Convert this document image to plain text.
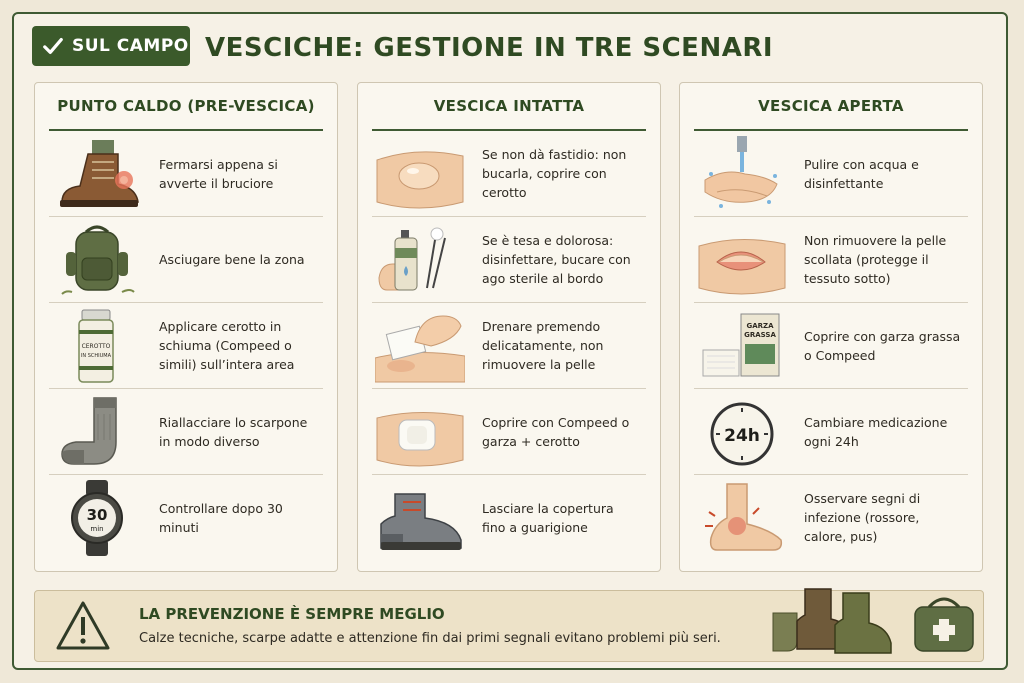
SUL CAMPO VESCICHE: GESTIONE IN TRE SCENARI
PUNTO CALDO (PRE-VESCICA)
Fermarsi appena si avverte il bruciore
Asciugare bene la zona
CEROTTO
IN SCHIUMA
Applicare cerotto in schiuma (Compeed o simili) sull’intera area
Riallacciare lo scarpone in modo diverso
30
min
Controllare dopo 30 minuti
VESCICA INTATTA
Se non dà fastidio: non bucarla, coprire con cerotto
Se è tesa e dolorosa: disinfettare, bucare con ago sterile al bordo
Drenare premendo delicatamente, non rimuovere la pelle
Coprire con Compeed o garza + cerotto
Lasciare la copertura fino a guarigione
VESCICA APERTA
Pulire con acqua e disinfettante
Non rimuovere la pelle scollata (protegge il tessuto sotto)
GARZA
GRASSA	Coprire con garza grassa o Compeed
24h
Cambiare medicazione ogni 24h
Osservare segni di infezione (rossore, calore, pus)
LA PREVENZIONE È SEMPRE MEGLIO
Calze tecniche, scarpe adatte e attenzione fin dai primi segnali evitano problemi più seri.
